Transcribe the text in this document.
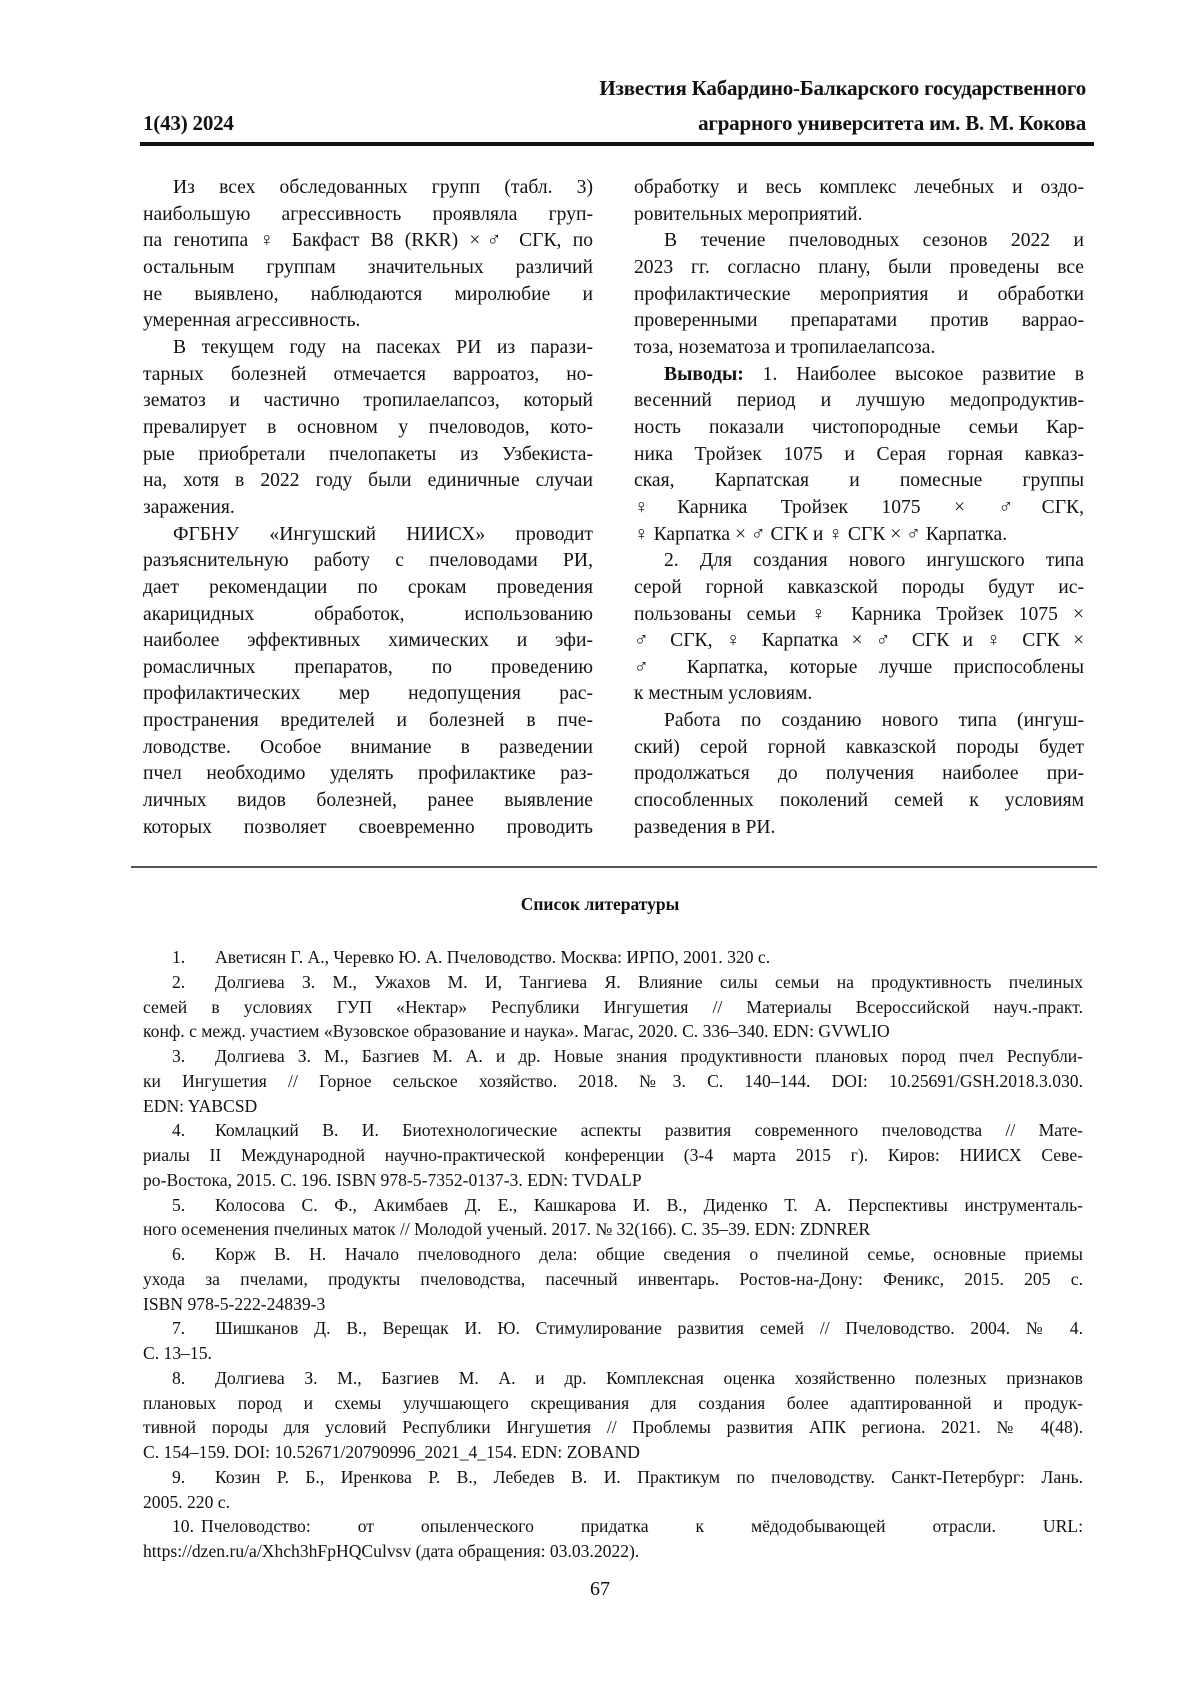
Известия Кабардино-Балкарского государственного
аграрного университета им. В. М. Кокова
1(43) 2024
Из всех обследованных групп (табл. 3)
наибольшую агрессивность проявляла груп-
па генотипа ♀ Бакфаст В8 (RKR) ×♂ СГК, по
остальным группам значительных различий
не выявлено, наблюдаются миролюбие и
умеренная агрессивность.
В текущем году на пасеках РИ из парази-
тарных болезней отмечается варроатоз, но-
зематоз и частично тропилаелапсоз, который
превалирует в основном у пчеловодов, кото-
рые приобретали пчелопакеты из Узбекиста-
на, хотя в 2022 году были единичные случаи
заражения.
ФГБНУ «Ингушский НИИСХ» проводит
разъяснительную работу с пчеловодами РИ,
дает рекомендации по срокам проведения
акарицидных обработок, использованию
наиболее эффективных химических и эфи-
ромасличных препаратов, по проведению
профилактических мер недопущения рас-
пространения вредителей и болезней в пче-
ловодстве. Особое внимание в разведении
пчел необходимо уделять профилактике раз-
личных видов болезней, ранее выявление
которых позволяет своевременно проводить
обработку и весь комплекс лечебных и оздо-
ровительных мероприятий.
В течение пчеловодных сезонов 2022 и
2023 гг. согласно плану, были проведены все
профилактические мероприятия и обработки
проверенными препаратами против варрао-
тоза, нозематоза и тропилаелапсоза.
Выводы: 1. Наиболее высокое развитие в
весенний период и лучшую медопродуктив-
ность показали чистопородные семьи Кар-
ника Тройзек 1075 и Серая горная кавказ-
ская, Карпатская и помесные группы
♀Карника Тройзек 1075 × ♂СГК,
♀ Карпатка × ♂ СГК и ♀ СГК × ♂ Карпатка.
2. Для создания нового ингушского типа
серой горной кавказской породы будут ис-
пользованы семьи ♀ Карника Тройзек 1075 ×
♂ СГК, ♀ Карпатка × ♂ СГК и ♀ СГК ×
♂ Карпатка, которые лучше приспособлены
к местным условиям.
Работа по созданию нового типа (ингуш-
ский) серой горной кавказской породы будет
продолжаться до получения наиболее при-
способленных поколений семей к условиям
разведения в РИ.
Список литературы
1.	Аветисян Г. А., Черевко Ю. А. Пчеловодство. Москва: ИРПО, 2001. 320 с.
2.	Долгиева З. М., Ужахов М. И, Тангиева Я. Влияние силы семьи на продуктивность пчелиных
семей в условиях ГУП «Нектар» Республики Ингушетия // Материалы Всероссийской науч.-практ.
конф. с межд. участием «Вузовское образование и наука». Магас, 2020. С. 336–340. EDN: GVWLIO
3.	Долгиева З. М., Базгиев М. А. и др. Новые знания продуктивности плановых пород пчел Республи-
ки Ингушетия // Горное сельское хозяйство. 2018. №3. С. 140–144. DOI: 10.25691/GSH.2018.3.030.
EDN: YABCSD
4.	Комлацкий В. И. Биотехнологические аспекты развития современного пчеловодства // Мате-
риалы II Международной научно-практической конференции (3-4 марта 2015 г). Киров: НИИСХ Севе-
ро-Востока, 2015. С. 196. ISBN 978-5-7352-0137-3. EDN: TVDALP
5.	Колосова С. Ф., Акимбаев Д. Е., Кашкарова И. В., Диденко Т. А. Перспективы инструменталь-
ного осеменения пчелиных маток // Молодой ученый. 2017. № 32(166). С. 35–39. EDN: ZDNRER
6.	Корж В. Н. Начало пчеловодного дела: общие сведения о пчелиной семье, основные приемы
ухода за пчелами, продукты пчеловодства, пасечный инвентарь. Ростов-на-Дону: Феникс, 2015. 205 с.
ISBN 978-5-222-24839-3
7.	Шишканов Д. В., Верещак И. Ю. Стимулирование развития семей // Пчеловодство. 2004. № 4.
С. 13–15.
8.	Долгиева З. М., Базгиев М. А. и др. Комплексная оценка хозяйственно полезных признаков
плановых пород и схемы улучшающего скрещивания для создания более адаптированной и продук-
тивной породы для условий Республики Ингушетия // Проблемы развития АПК региона. 2021. № 4(48).
С. 154–159. DOI: 10.52671/20790996_2021_4_154. EDN: ZOBAND
9.	Козин Р. Б., Иренкова Р. В., Лебедев В. И. Практикум по пчеловодству. Санкт-Петербург: Лань.
2005. 220 с.
10. Пчеловодство: от опыленческого придатка к мёдодобывающей отрасли. URL:
https://dzen.ru/a/Xhch3hFpHQCulvsv (дата обращения: 03.03.2022).
67
